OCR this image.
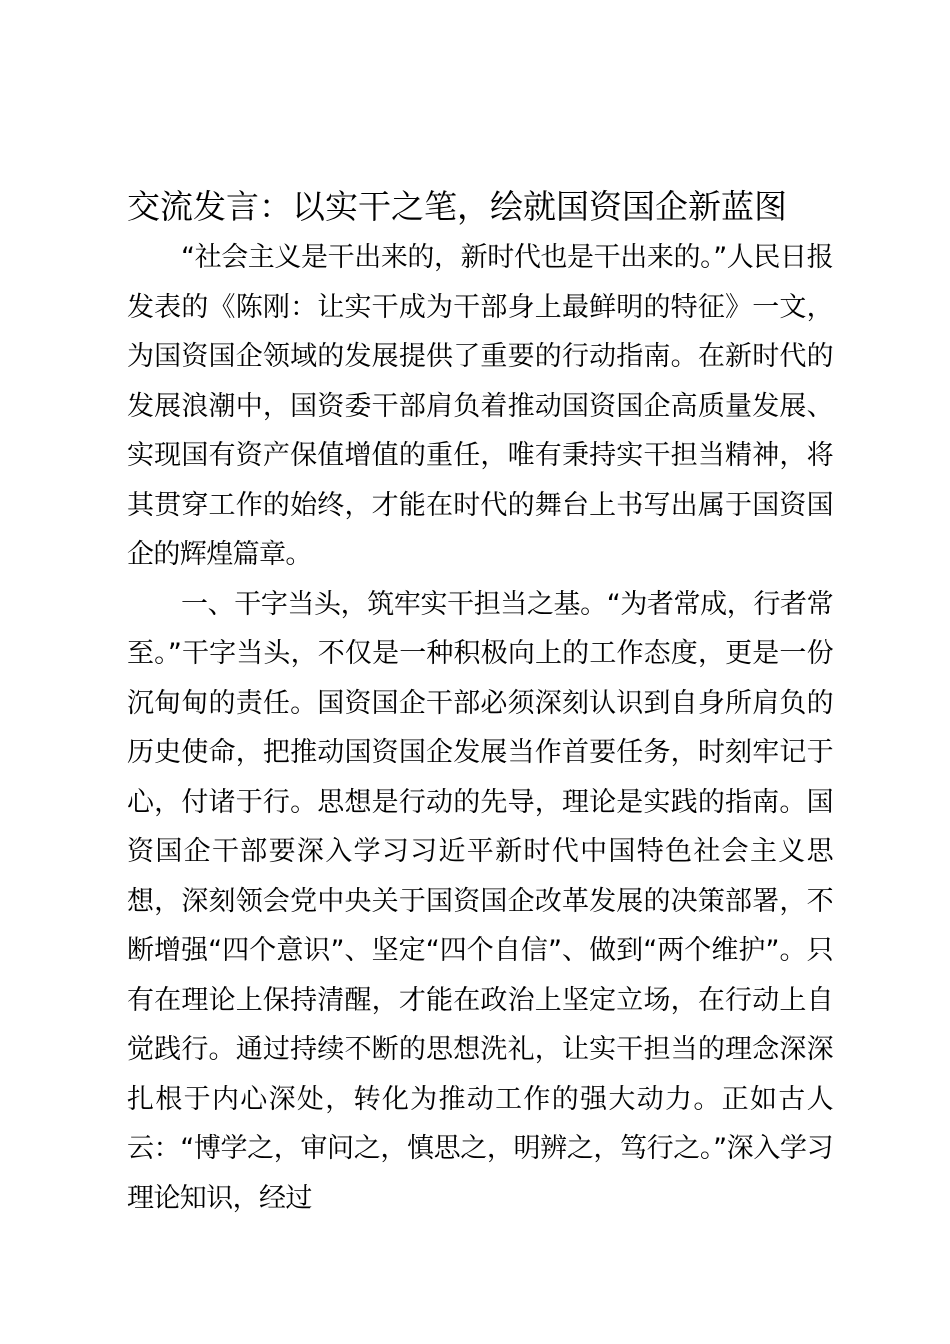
交流发言：以实干之笔，绘就国资国企新蓝图

“社会主义是干出来的，新时代也是干出来的。”人民日报发表的《陈刚：让实干成为干部身上最鲜明的特征》一文，为国资国企领域的发展提供了重要的行动指南。在新时代的发展浪潮中，国资委干部肩负着推动国资国企高质量发展、实现国有资产保值增值的重任，唯有秉持实干担当精神，将其贯穿工作的始终，才能在时代的舞台上书写出属于国资国企的辉煌篇章。

一、干字当头，筑牢实干担当之基。“为者常成，行者常至。”干字当头，不仅是一种积极向上的工作态度，更是一份沉甸甸的责任。国资国企干部必须深刻认识到自身所肩负的历史使命，把推动国资国企发展当作首要任务，时刻牢记于心，付诸于行。思想是行动的先导，理论是实践的指南。国资国企干部要深入学习习近平新时代中国特色社会主义思想，深刻领会党中央关于国资国企改革发展的决策部署，不断增强“四个意识”、坚定“四个自信”、做到“两个维护”。只有在理论上保持清醒，才能在政治上坚定立场，在行动上自觉践行。通过持续不断的思想洗礼，让实干担当的理念深深扎根于内心深处，转化为推动工作的强大动力。正如古人云：“博学之，审问之，慎思之，明辨之，笃行之。”深入学习理论知识，经过
